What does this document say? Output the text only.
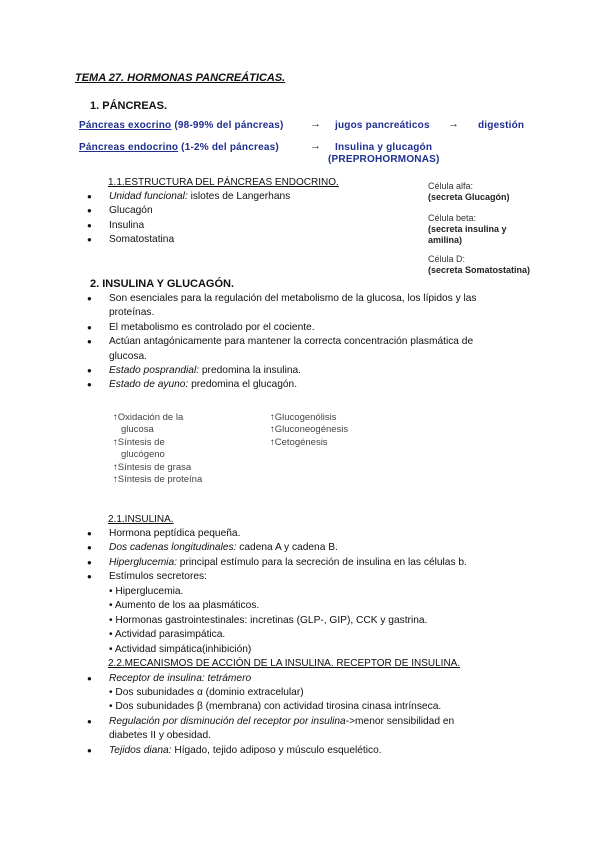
TEMA 27. HORMONAS PANCREÁTICAS.
1. PÁNCREAS.
Páncreas exocrino (98-99% del páncreas) → jugos pancreáticos → digestión
Páncreas endocrino (1-2% del páncreas)	→ Insulina y glucagón
(PREPROHORMONAS)
1.1.ESTRUCTURA DEL PÁNCREAS ENDOCRINO.
● Unidad funcional: islotes de Langerhans
● Glucagón
● Insulina
● Somatostatina
Célula alfa:
(secreta Glucagón)
Célula beta:
(secreta insulina y
amilina)
Célula D:
(secreta Somatostatina)
2. INSULINA Y GLUCAGÓN.
● Son esenciales para la regulación del metabolismo de la glucosa, los lípidos y las
proteínas.
● El metabolismo es controlado por el cociente.
● Actúan antagónicamente para mantener la correcta concentración plasmática de
glucosa.
● Estado posprandial: predomina la insulina.
● Estado de ayuno: predomina el glucagón.
↑Oxidación de la
glucosa
↑Síntesis de
glucógeno
↑Síntesis de grasa
↑Síntesis de proteína
↑Glucogenólisis
↑Gluconeogénesis
↑Cetogénesis
2.1.INSULINA.
● Hormona peptídica pequeña.
● Dos cadenas longitudinales: cadena A y cadena B.
● Hiperglucemia: principal estímulo para la secreción de insulina en las células b.
● Estímulos secretores:
• Hiperglucemia.
• Aumento de los aa plasmáticos.
• Hormonas gastrointestinales: incretinas (GLP-, GIP), CCK y gastrina.
• Actividad parasimpática.
• Actividad simpática(inhibición)
2.2.MECANISMOS DE ACCIÓN DE LA INSULINA. RECEPTOR DE INSULINA.
● Receptor de insulina: tetrámero
• Dos subunidades α (dominio extracelular)
• Dos subunidades β (membrana) con actividad tirosina cinasa intrínseca.
● Regulación por disminución del receptor por insulina->menor sensibilidad en
diabetes II y obesidad.
● Tejidos diana: Hígado, tejido adiposo y músculo esquelético.
